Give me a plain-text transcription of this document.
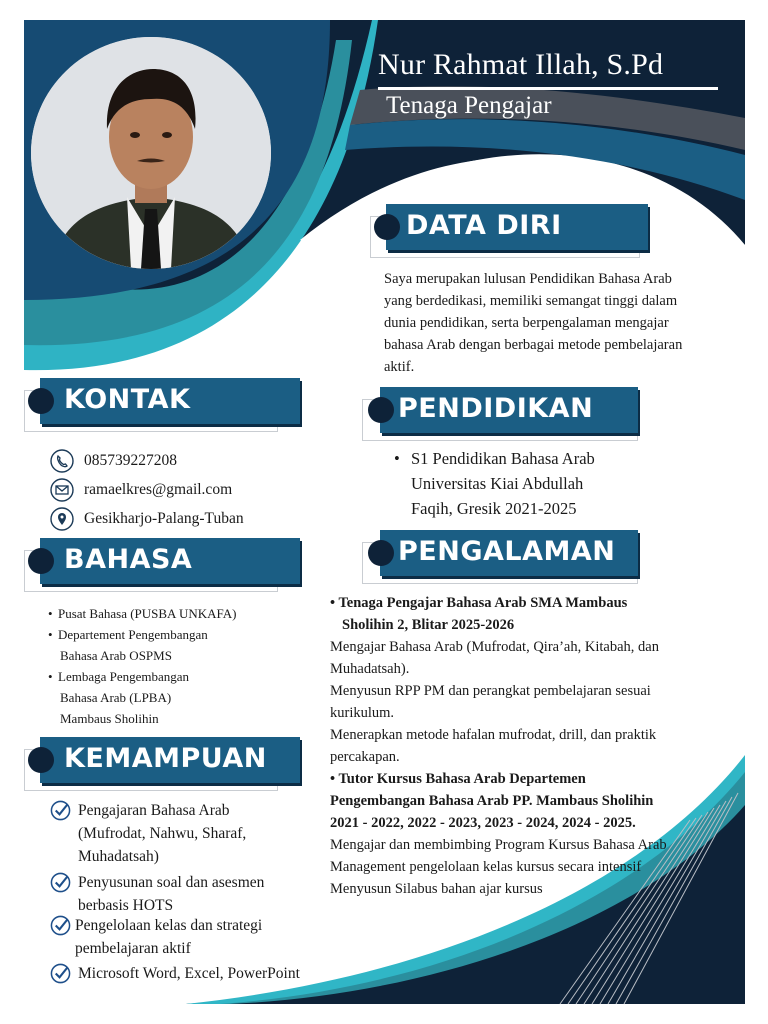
Nur Rahmat Illah, S.Pd
Tenaga Pengajar
DATA DIRI
Saya merupakan lulusan Pendidikan Bahasa Arab
yang berdedikasi, memiliki semangat tinggi dalam
dunia pendidikan, serta berpengalaman mengajar
bahasa Arab dengan berbagai metode pembelajaran
aktif.
KONTAK	PENDIDIKAN
085739227208
ramaelkres@gmail.com
Gesikharjo-Palang-Tuban
• S1 Pendidikan Bahasa Arab
Universitas Kiai Abdullah
Faqih, Gresik 2021-2025
BAHASA	PENGALAMAN
• Pusat Bahasa (PUSBA UNKAFA)
• Departement Pengembangan
Bahasa Arab OSPMS
• Lembaga Pengembangan
Bahasa Arab (LPBA)
Mambaus Sholihin
• Tenaga Pengajar Bahasa Arab SMA Mambaus
Sholihin 2, Blitar 2025-2026
Mengajar Bahasa Arab (Mufrodat, Qira’ah, Kitabah, dan
Muhadatsah).
Menyusun RPP PM dan perangkat pembelajaran sesuai
kurikulum.
Menerapkan metode hafalan mufrodat, drill, dan praktik
percakapan.
• Tutor Kursus Bahasa Arab Departemen
Pengembangan Bahasa Arab PP. Mambaus Sholihin
2021 - 2022, 2022 - 2023, 2023 - 2024, 2024 - 2025.
Mengajar dan membimbing Program Kursus Bahasa Arab
Management pengelolaan kelas kursus secara intensif
Menyusun Silabus bahan ajar kursus
KEMAMPUAN
Pengajaran Bahasa Arab
(Mufrodat, Nahwu, Sharaf,
Muhadatsah)
Penyusunan soal dan asesmen
berbasis HOTS
Pengelolaan kelas dan strategi
pembelajaran aktif
Microsoft Word, Excel, PowerPoint
